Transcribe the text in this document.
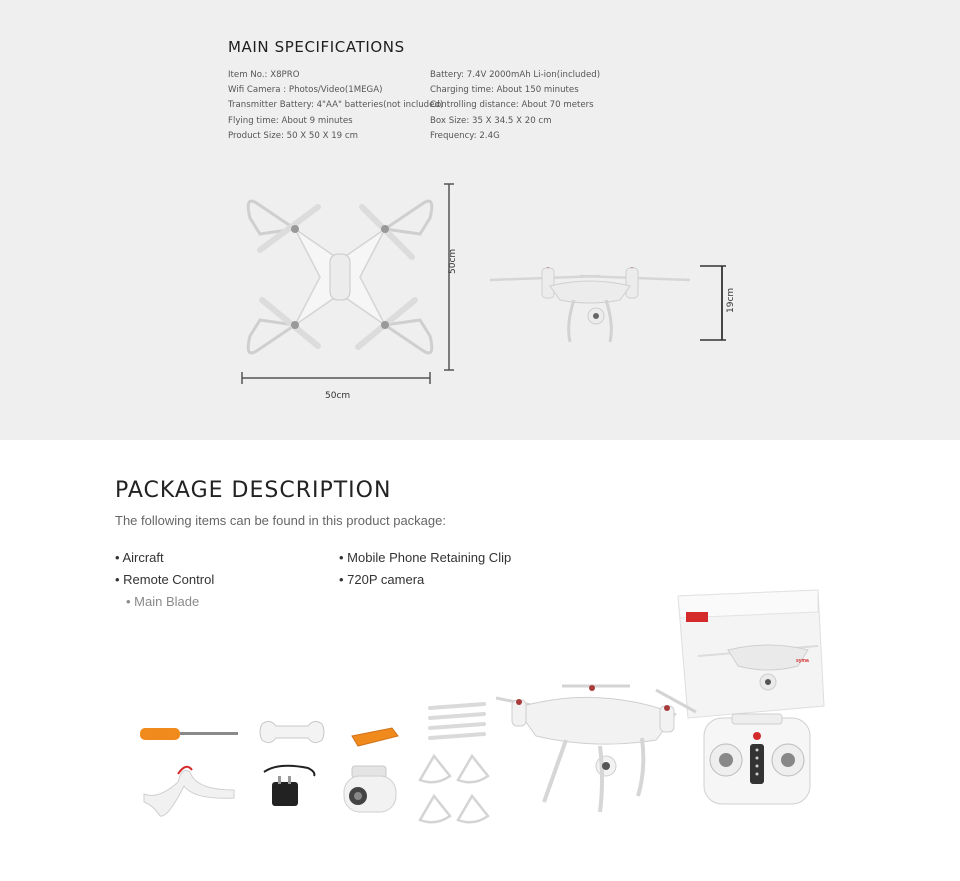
MAIN SPECIFICATIONS
Item No.: X8PRO
Wifi Camera : Photos/Video(1MEGA)
Transmitter Battery: 4"AA" batteries(not included)
Flying time: About 9 minutes
Product Size: 50 X 50 X 19 cm
Battery: 7.4V 2000mAh Li-ion(included)
Charging time: About 150 minutes
Controlling distance: About 70 meters
Box Size: 35 X 34.5 X 20 cm
Frequency: 2.4G
50cm
50cm
19cm
PACKAGE DESCRIPTION
The following items can be found in this product package:
• Aircraft
• Remote Control
• Main Blade
• Mobile Phone Retaining Clip
• 720P camera
syma
